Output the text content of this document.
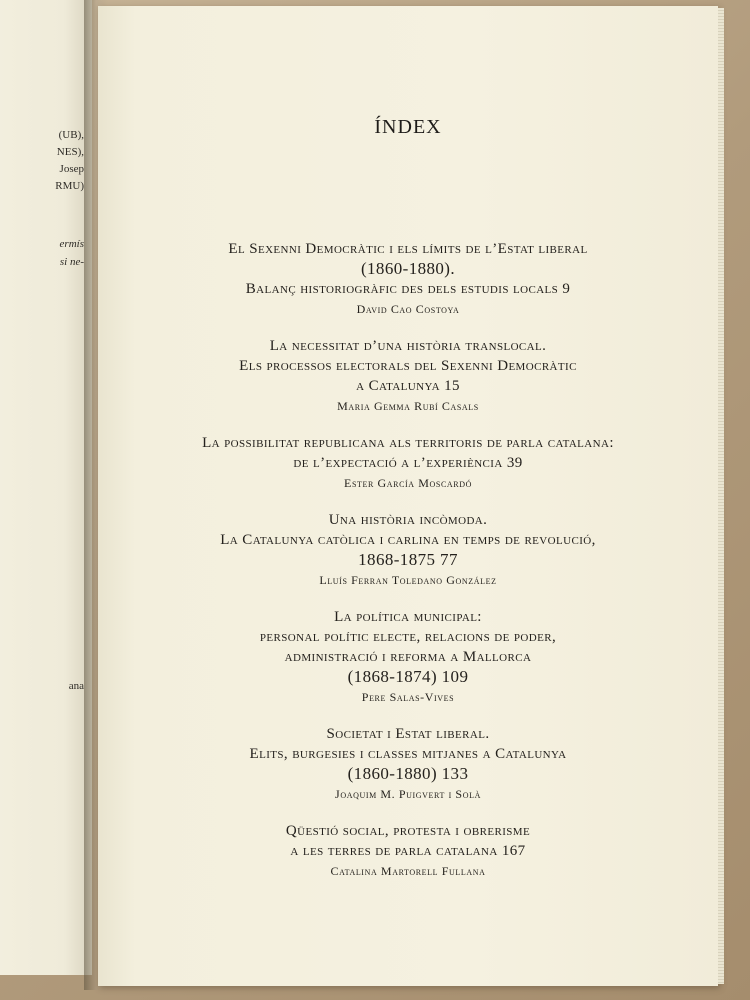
(UB),
NES),
Josep
RMU)
ermís
si ne-
ana
ÍNDEX
El Sexenni Democràtic i els límits de l’Estat liberal
(1860-1880).
Balanç historiogràfic des dels estudis locals 9
David Cao Costoya
La necessitat d’una història translocal.
Els processos electorals del Sexenni Democràtic
a Catalunya 15
Maria Gemma Rubí Casals
La possibilitat republicana als territoris de parla catalana:
de l’expectació a l’experiència 39
Ester García Moscardó
Una història incòmoda.
La Catalunya catòlica i carlina en temps de revolució,
1868-1875 77
Lluís Ferran Toledano González
La política municipal:
personal polític electe, relacions de poder,
administració i reforma a Mallorca
(1868-1874) 109
Pere Salas-Vives
Societat i Estat liberal.
Elits, burgesies i classes mitjanes a Catalunya
(1860-1880) 133
Joaquim M. Puigvert i Solà
Qüestió social, protesta i obrerisme
a les terres de parla catalana 167
Catalina Martorell Fullana
